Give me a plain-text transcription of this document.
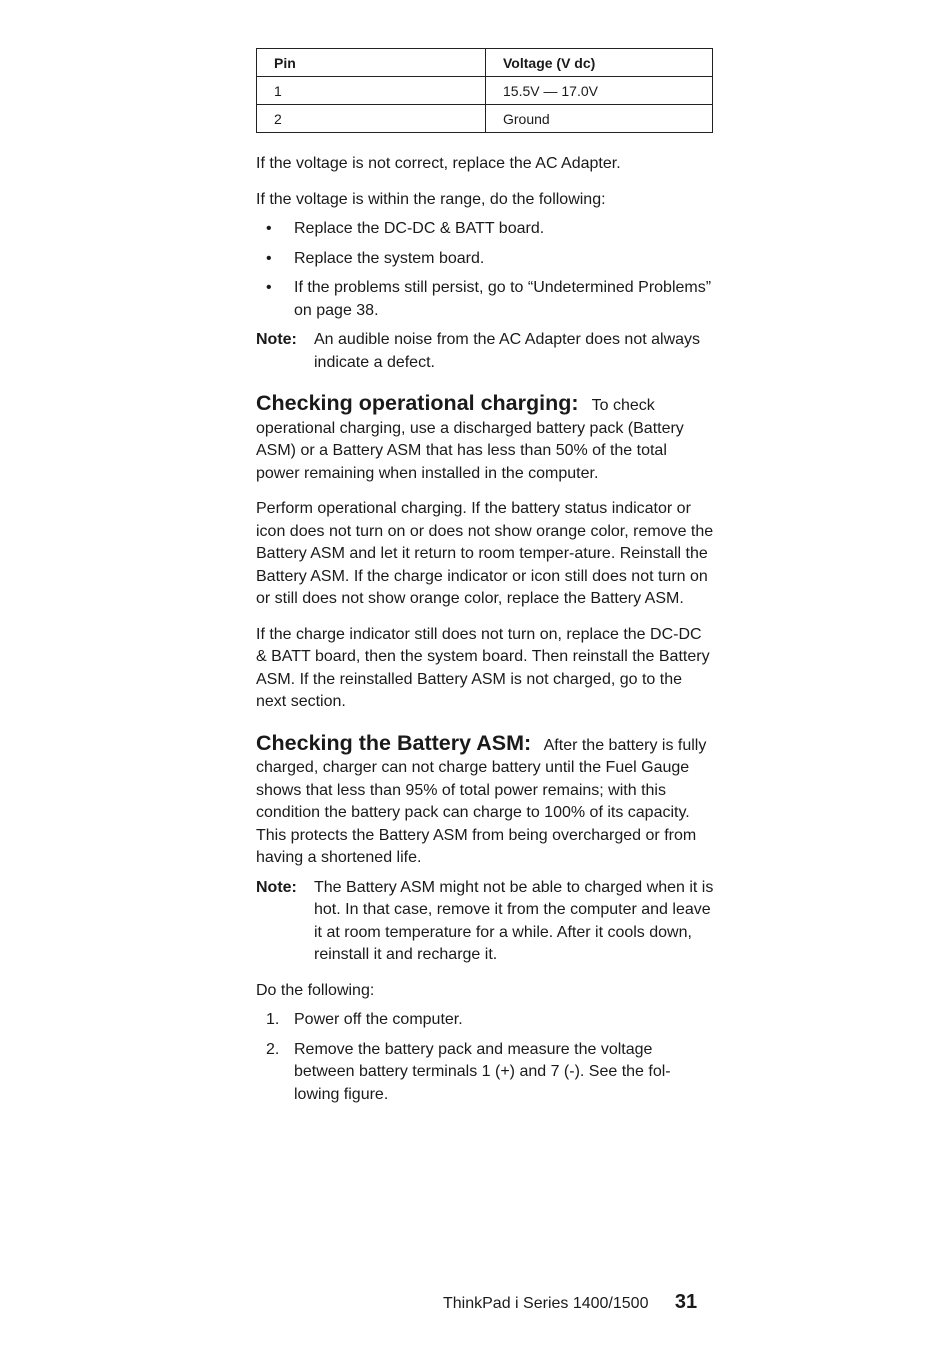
Pin	Voltage (V dc)
1	15.5V — 17.0V
2	Ground

If the voltage is not correct, replace the AC Adapter.

If the voltage is within the range, do the following:

• Replace the DC-DC & BATT board.
• Replace the system board.
• If the problems still persist, go to “Undetermined Problems” on page 38.
Note: An audible noise from the AC Adapter does not always indicate a defect.

Checking operational charging: To check operational charging, use a discharged battery pack (Battery ASM) or a Battery ASM that has less than 50% of the total power remaining when installed in the computer.

Perform operational charging. If the battery status indicator or icon does not turn on or does not show orange color, remove the Battery ASM and let it return to room temper-ature. Reinstall the Battery ASM. If the charge indicator or icon still does not turn on or still does not show orange color, replace the Battery ASM.

If the charge indicator still does not turn on, replace the DC-DC & BATT board, then the system board. Then reinstall the Battery ASM. If the reinstalled Battery ASM is not charged, go to the next section.

Checking the Battery ASM: After the battery is fully charged, charger can not charge battery until the Fuel Gauge shows that less than 95% of total power remains; with this condition the battery pack can charge to 100% of its capacity. This protects the Battery ASM from being overcharged or from having a shortened life.

Note: The Battery ASM might not be able to charged when it is hot. In that case, remove it from the computer and leave it at room temperature for a while. After it cools down, reinstall it and recharge it.

Do the following:

1. Power off the computer.
2. Remove the battery pack and measure the voltage between battery terminals 1 (+) and 7 (-). See the fol-lowing figure.
ThinkPad i Series 1400/1500 31
